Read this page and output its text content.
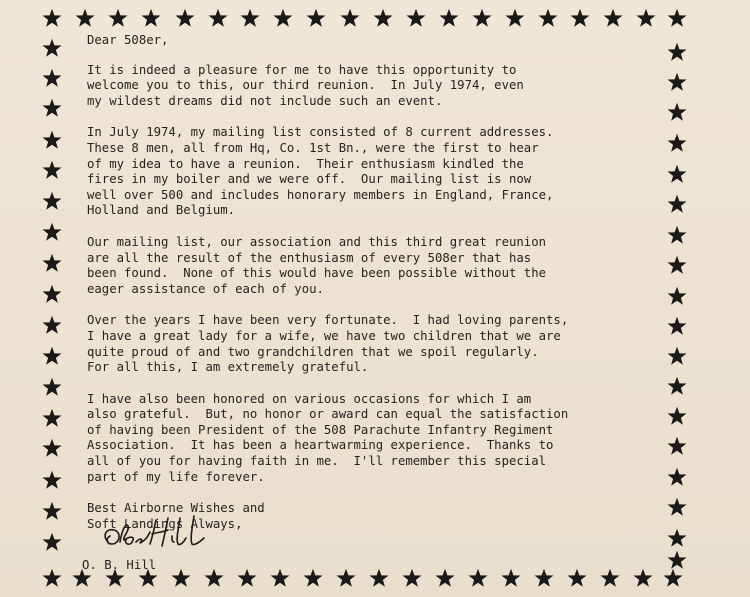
Dear 508er,
It is indeed a pleasure for me to have this opportunity to
welcome you to this, our third reunion.  In July 1974, even
my wildest dreams did not include such an event.
In July 1974, my mailing list consisted of 8 current addresses.
These 8 men, all from Hq, Co. 1st Bn., were the first to hear
of my idea to have a reunion.  Their enthusiasm kindled the
fires in my boiler and we were off.  Our mailing list is now
well over 500 and includes honorary members in England, France,
Holland and Belgium.
Our mailing list, our association and this third great reunion
are all the result of the enthusiasm of every 508er that has
been found.  None of this would have been possible without the
eager assistance of each of you.
Over the years I have been very fortunate.  I had loving parents,
I have a great lady for a wife, we have two children that we are
quite proud of and two grandchildren that we spoil regularly.
For all this, I am extremely grateful.
I have also been honored on various occasions for which I am
also grateful.  But, no honor or award can equal the satisfaction
of having been President of the 508 Parachute Infantry Regiment
Association.  It has been a heartwarming experience.  Thanks to
all of you for having faith in me.  I'll remember this special
part of my life forever.
Best Airborne Wishes and
Soft Landings Always,
O. B. Hill
